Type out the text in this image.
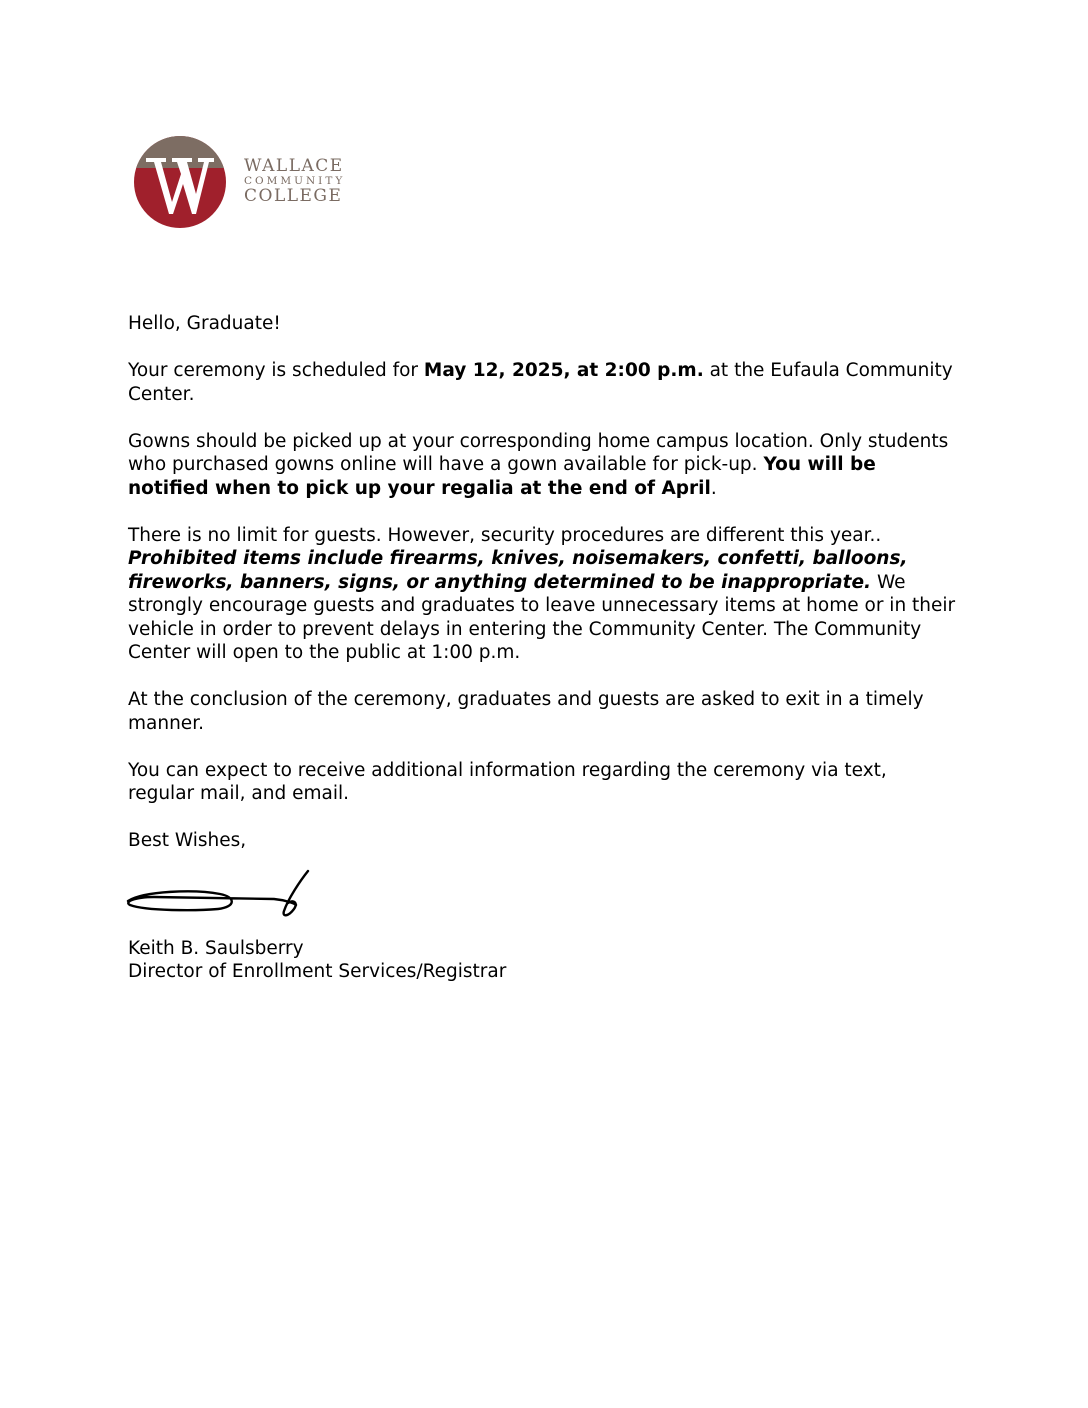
WALLACE
COMMUNITY
COLLEGE

Hello, Graduate!

Your ceremony is scheduled for May 12, 2025, at 2:00 p.m. at the Eufaula Community Center.

Gowns should be picked up at your corresponding home campus location. Only students who purchased gowns online will have a gown available for pick-up. You will be notified when to pick up your regalia at the end of April.

There is no limit for guests. However, security procedures are different this year.. Prohibited items include firearms, knives, noisemakers, confetti, balloons, fireworks, banners, signs, or anything determined to be inappropriate. We strongly encourage guests and graduates to leave unnecessary items at home or in their vehicle in order to prevent delays in entering the Community Center. The Community Center will open to the public at 1:00 p.m.

At the conclusion of the ceremony, graduates and guests are asked to exit in a timely manner.

You can expect to receive additional information regarding the ceremony via text, regular mail, and email.

Best Wishes,

Keith B. Saulsberry
Director of Enrollment Services/Registrar
